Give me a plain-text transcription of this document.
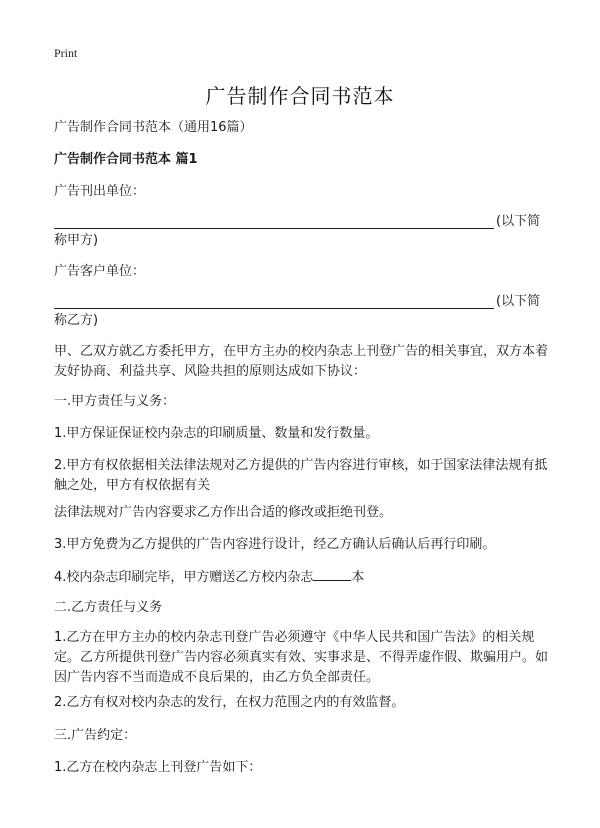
Print
广告制作合同书范本
广告制作合同书范本（通用16篇）
广告制作合同书范本 篇1
广告刊出单位：
(以下简
称甲方)
广告客户单位：
(以下简
称乙方)
甲、乙双方就乙方委托甲方，在甲方主办的校内杂志上刊登广告的相关事宜，双方本着友好协商、利益共享、风险共担的原则达成如下协议：
一.甲方责任与义务：
1.甲方保证保证校内杂志的印刷质量、数量和发行数量。
2.甲方有权依据相关法律法规对乙方提供的广告内容进行审核，如于国家法律法规有抵触之处，甲方有权依据有关
法律法规对广告内容要求乙方作出合适的修改或拒绝刊登。
3.甲方免费为乙方提供的广告内容进行设计，经乙方确认后确认后再行印刷。
4.校内杂志印刷完毕，甲方赠送乙方校内杂志	本
二.乙方责任与义务
1.乙方在甲方主办的校内杂志刊登广告必须遵守《中华人民共和国广告法》的相关规定。乙方所提供刊登广告内容必须真实有效、实事求是、不得弄虚作假、欺骗用户。如因广告内容不当而造成不良后果的，由乙方负全部责任。
2.乙方有权对校内杂志的发行，在权力范围之内的有效监督。
三.广告约定：
1.乙方在校内杂志上刊登广告如下：
